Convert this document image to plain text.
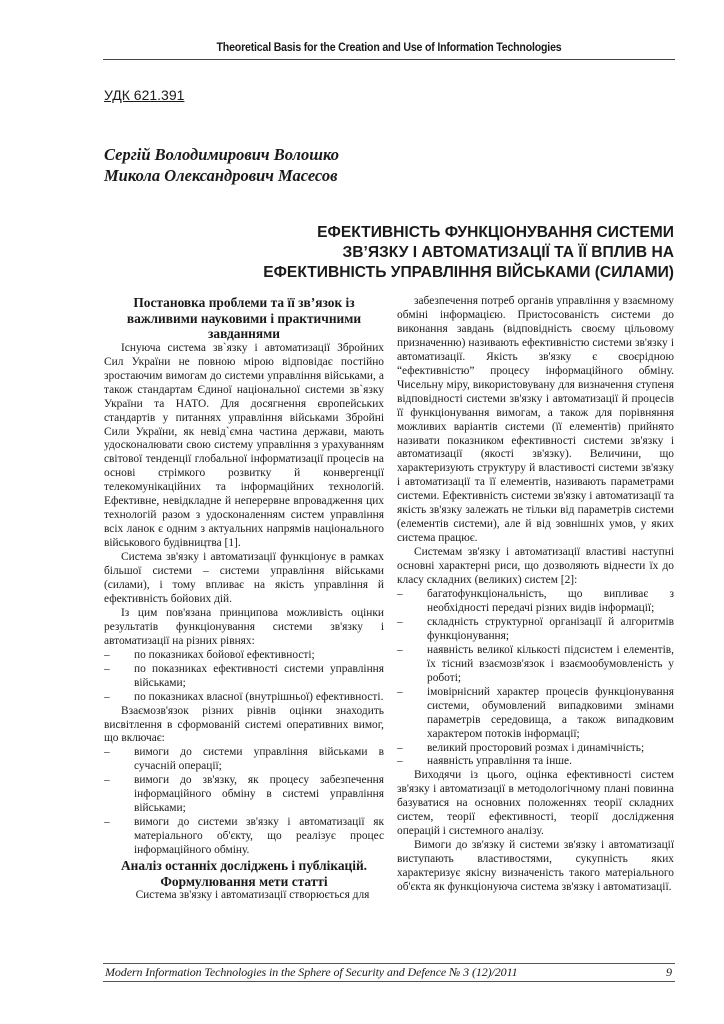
Theoretical Basis for the Creation and Use of Information Technologies
УДК 621.391
Сергій Володимирович Волошко
Микола Олександрович Масесов
ЕФЕКТИВНІСТЬ ФУНКЦІОНУВАННЯ СИСТЕМИ
ЗВ’ЯЗКУ І АВТОМАТИЗАЦІЇ ТА ЇЇ ВПЛИВ НА
ЕФЕКТИВНІСТЬ УПРАВЛІННЯ ВІЙСЬКАМИ (СИЛАМИ)
Постановка проблеми та її зв’язок із важливими науковими і практичними завданнями

Існуюча система зв`язку і автоматизації Збройних Сил України не повною мірою відповідає постійно зростаючим вимогам до системи управління військами, а також стандартам Єдиної національної системи зв`язку України та НАТО. Для досягнення європейських стандартів у питаннях управління військами Збройні Сили України, як невід`ємна частина держави, мають удосконалювати свою систему управління з урахуванням світової тенденції глобальної інформатизації процесів на основі стрімкого розвитку й конвергенції телекомунікаційних та інформаційних технологій. Ефективне, невідкладне й неперервне впровадження цих технологій разом з удосконаленням систем управління всіх ланок є одним з актуальних напрямів національного військового будівництва [1].

Система зв'язку і автоматизації функціонує в рамках більшої системи – системи управління військами (силами), і тому впливає на якість управління й ефективність бойових дій.

Із цим пов'язана принципова можливість оцінки результатів функціонування системи зв'язку і автоматизації на різних рівнях:

– по показниках бойової ефективності;
– по показниках ефективності системи управління військами;
– по показниках власної (внутрішньої) ефективності.

Взаємозв'язок різних рівнів оцінки знаходить висвітлення в сформованій системі оперативних вимог, що включає:

– вимоги до системи управління військами в сучасній операції;
– вимоги до зв'язку, як процесу забезпечення інформаційного обміну в системі управління військами;
– вимоги до системи зв'язку і автоматизації як матеріального об'єкту, що реалізує процес інформаційного обміну.
Аналіз останніх досліджень і публікацій. Формулювання мети статті

Система зв'язку і автоматизації створюється для

забезпечення потреб органів управління у взаємному обміні інформацією. Пристосованість системи до виконання завдань (відповідність своєму цільовому призначенню) називають ефективністю системи зв'язку і автоматизації. Якість зв'язку є своєрідною “ефективністю” процесу інформаційного обміну. Чисельну міру, використовувану для визначення ступеня відповідності системи зв'язку і автоматизації й процесів її функціонування вимогам, а також для порівняння можливих варіантів системи (її елементів) прийнято називати показником ефективності системи зв'язку і автоматизації (якості зв'язку). Величини, що характеризують структуру й властивості системи зв'язку і автоматизації та її елементів, називають параметрами системи. Ефективність системи зв'язку і автоматизації та якість зв'язку залежать не тільки від параметрів системи (елементів системи), але й від зовнішніх умов, у яких система працює.

Системам зв'язку і автоматизації властиві наступні основні характерні риси, що дозволяють віднести їх до класу складних (великих) систем [2]:

– багатофункціональність, що випливає з необхідності передачі різних видів інформації;
– складність структурної організації й алгоритмів функціонування;
– наявність великої кількості підсистем і елементів, їх тісний взаємозв'язок і взаємообумовленість у роботі;
– імовірнісний характер процесів функціонування системи, обумовлений випадковими змінами параметрів середовища, а також випадковим характером потоків інформації;
– великий просторовий розмах і динамічність;
– наявність управління та інше.

Виходячи із цього, оцінка ефективності систем зв'язку і автоматизації в методологічному плані повинна базуватися на основних положеннях теорії складних систем, теорії ефективності, теорії дослідження операцій і системного аналізу.

Вимоги до зв'язку й системи зв'язку і автоматизації виступають властивостями, сукупність яких характеризує якісну визначеність такого матеріального об'єкта як функціонуюча система зв'язку і автоматизації.

Modern Information Technologies in the Sphere of Security and Defence № 3 (12)/2011	9
